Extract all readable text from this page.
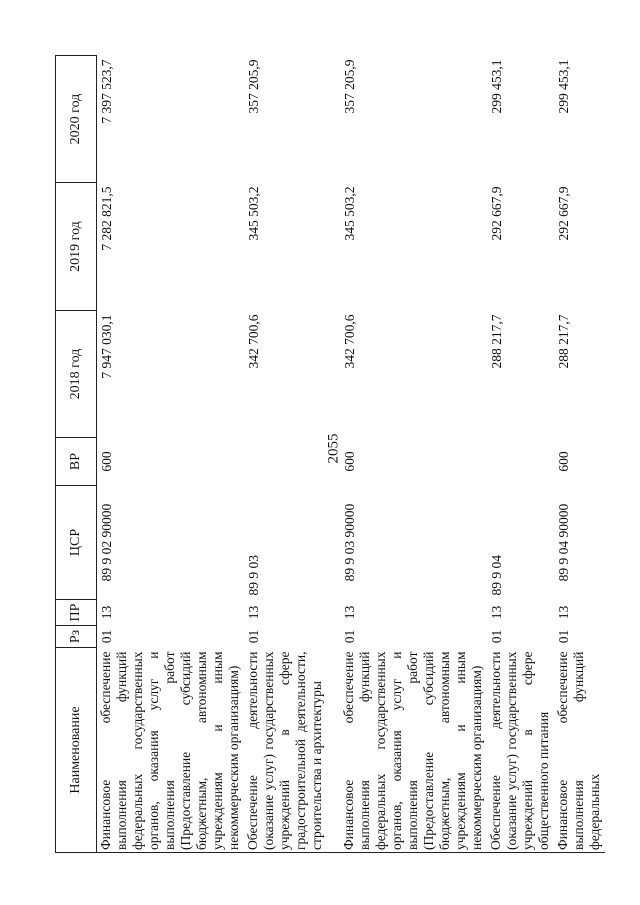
2055
Наименование	Рз	ПР	ЦСР	ВР	2018 год	2019 год	2020 год
Финансовое обеспечение выполнения функций федеральных государственных органов, оказания услуг и выполнения работ (Предоставление субсидий бюджетным, автономным учреждениям и иным некоммерческим организациям)	01	13	89 9 02 90000	600	7 947 030,1	7 282 821,5	7 397 523,7
Обеспечение деятельности (оказание услуг) государственных учреждений в сфере градостроительной деятельности, строительства и архитектуры	01	13	89 9 03		342 700,6	345 503,2	357 205,9
Финансовое обеспечение выполнения функций федеральных государственных органов, оказания услуг и выполнения работ (Предоставление субсидий бюджетным, автономным учреждениям и иным некоммерческим организациям)	01	13	89 9 03 90000	600	342 700,6	345 503,2	357 205,9
Обеспечение деятельности (оказание услуг) государственных учреждений в сфере общественного питания	01	13	89 9 04		288 217,7	292 667,9	299 453,1
Финансовое обеспечение выполнения функций федеральных	01	13	89 9 04 90000	600	288 217,7	292 667,9	299 453,1
